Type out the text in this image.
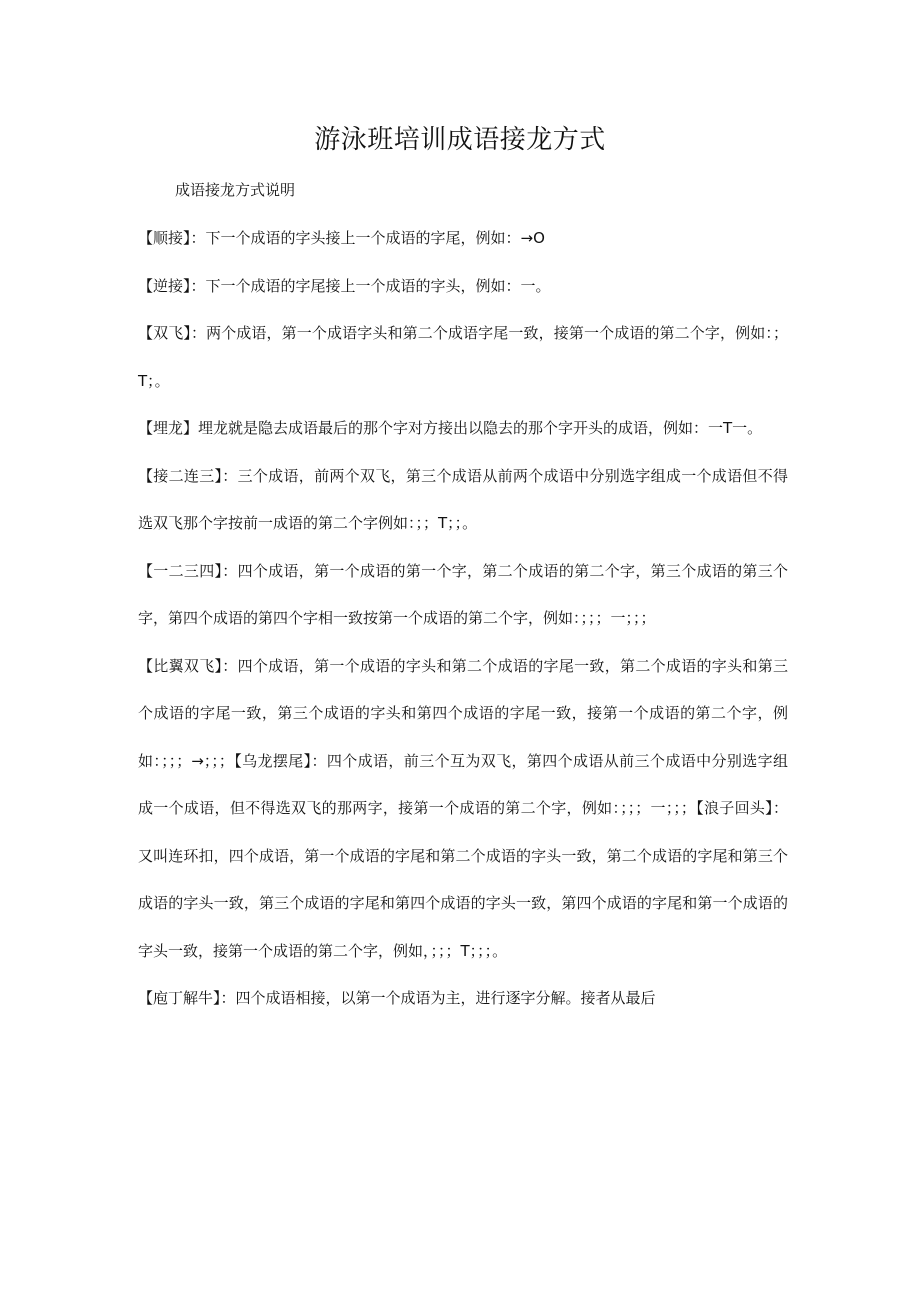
游泳班培训成语接龙方式
成语接龙方式说明

【顺接】：下一个成语的字头接上一个成语的字尾，例如：→O

【逆接】：下一个成语的字尾接上一个成语的字头，例如：一。

【双飞】：两个成语，第一个成语字头和第二个成语字尾一致，接第一个成语的第二个字，例如：；T；。

【埋龙】埋龙就是隐去成语最后的那个字对方接出以隐去的那个字开头的成语，例如：一T一。

【接二连三】：三个成语，前两个双飞，第三个成语从前两个成语中分别选字组成一个成语但不得选双飞那个字按前一成语的第二个字例如：；；T；；。

【一二三四】：四个成语，第一个成语的第一个字，第二个成语的第二个字，第三个成语的第三个字，第四个成语的第四个字相一致按第一个成语的第二个字，例如：；；；一；；；

【比翼双飞】：四个成语，第一个成语的字头和第二个成语的字尾一致，第二个成语的字头和第三个成语的字尾一致，第三个成语的字头和第四个成语的字尾一致，接第一个成语的第二个字，例如：；；；→；；；【乌龙摆尾】：四个成语，前三个互为双飞，第四个成语从前三个成语中分别选字组成一个成语，但不得选双飞的那两字，接第一个成语的第二个字，例如：；；；一；；；【浪子回头】：又叫连环扣，四个成语，第一个成语的字尾和第二个成语的字头一致，第二个成语的字尾和第三个成语的字头一致，第三个成语的字尾和第四个成语的字头一致，第四个成语的字尾和第一个成语的字头一致，接第一个成语的第二个字，例如，；；；T；；；。

【庖丁解牛】：四个成语相接，以第一个成语为主，进行逐字分解。接者从最后
